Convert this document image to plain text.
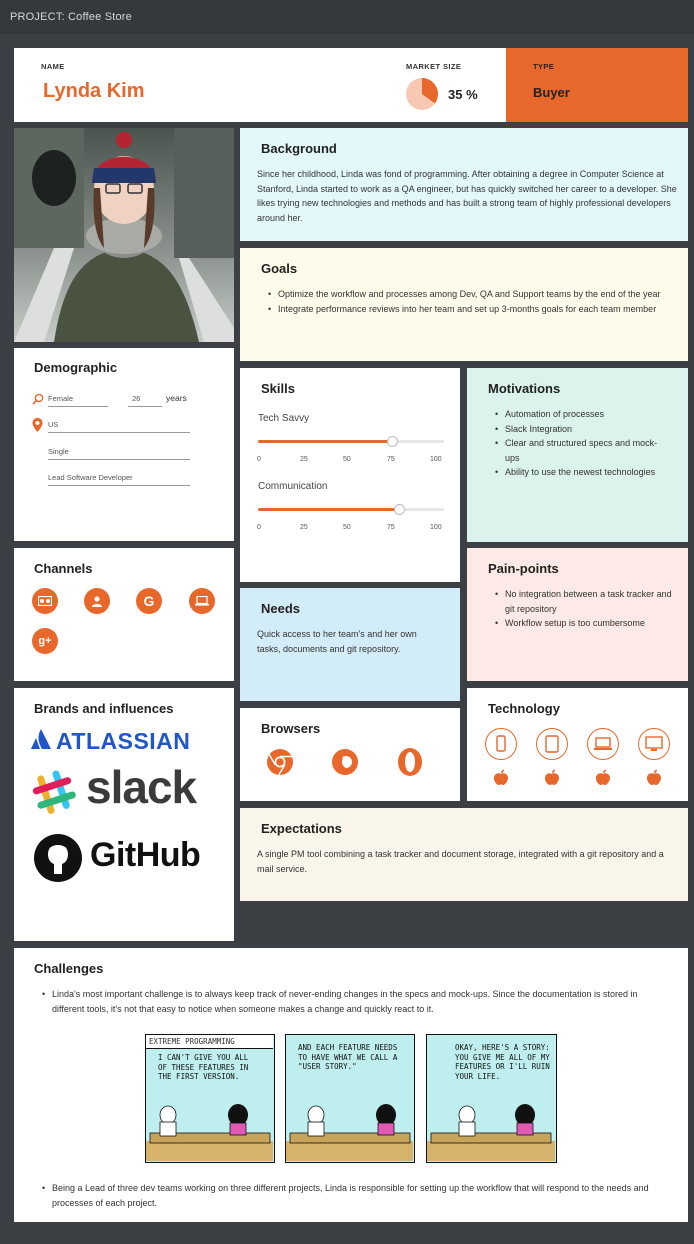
PROJECT: Coffee Store
NAME
Lynda Kim
MARKET SIZE
35 %
TYPE
Buyer
Background
Since her childhood, Linda was fond of programming. After obtaining a degree in Computer Science at Stanford, Linda started to work as a QA engineer, but has quickly switched her career to a developer. She likes trying new technologies and methods and has built a strong team of highly professional developers around her.
Goals
• Optimize the workflow and processes among Dev, QA and Support teams by the end of the year
• Integrate performance reviews into her team and set up 3-months goals for each team member
Demographic
Female	26	years
US
Single
Lead Software Developer
Skills
Tech Savvy
0	25	50	75	100
Communication
0	25	50	75	100
Motivations
• Automation of processes
• Slack Integration
• Clear and structured specs and mock-ups
• Ability to use the newest technologies
Channels
G
g+
Needs
Quick access to her team's and her own tasks, documents and git repository.
Pain-points
• No integration between a task tracker and git repository
• Workflow setup is too cumbersome
Brands and influences
ATLASSIAN
slack
GitHub
Browsers
Technology
Expectations
A single PM tool combining a task tracker and document storage, integrated with a git repository and a mail service.
Challenges
• Linda's most important challenge is to always keep track of never-ending changes in the specs and mock-ups. Since the documentation is stored in different tools, it's not that easy to notice when someone makes a change and quickly react to it.
EXTREME PROGRAMMING
I CAN'T GIVE YOU ALL OF THESE FEATURES IN THE FIRST VERSION.
AND EACH FEATURE NEEDS TO HAVE WHAT WE CALL A "USER STORY."
OKAY, HERE'S A STORY: YOU GIVE ME ALL OF MY FEATURES OR I'LL RUIN YOUR LIFE.
• Being a Lead of three dev teams working on three different projects, Linda is responsible for setting up the workflow that will respond to the needs and processes of each project.
